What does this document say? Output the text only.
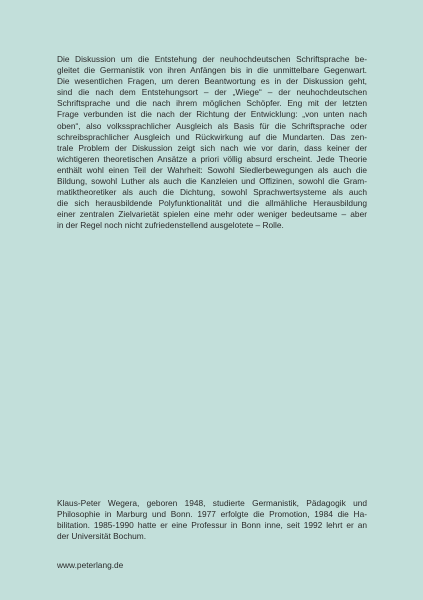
Die Diskussion um die Entstehung der neuhochdeutschen Schriftsprache be-
gleitet die Germanistik von ihren Anfängen bis in die unmittelbare Gegenwart.
Die wesentlichen Fragen, um deren Beantwortung es in der Diskussion geht,
sind die nach dem Entstehungsort – der „Wiege“ – der neuhochdeutschen
Schriftsprache und die nach ihrem möglichen Schöpfer. Eng mit der letzten
Frage verbunden ist die nach der Richtung der Entwicklung: „von unten nach
oben“, also volkssprachlicher Ausgleich als Basis für die Schriftsprache oder
schreibsprachlicher Ausgleich und Rückwirkung auf die Mundarten. Das zen-
trale Problem der Diskussion zeigt sich nach wie vor darin, dass keiner der
wichtigeren theoretischen Ansätze a priori völlig absurd erscheint. Jede Theorie
enthält wohl einen Teil der Wahrheit: Sowohl Siedlerbewegungen als auch die
Bildung, sowohl Luther als auch die Kanzleien und Offizinen, sowohl die Gram-
matiktheoretiker als auch die Dichtung, sowohl Sprachwertsysteme als auch
die sich herausbildende Polyfunktionalität und die allmähliche Herausbildung
einer zentralen Zielvarietät spielen eine mehr oder weniger bedeutsame – aber
in der Regel noch nicht zufriedenstellend ausgelotete – Rolle.
Klaus-Peter Wegera, geboren 1948, studierte Germanistik, Pädagogik und
Philosophie in Marburg und Bonn. 1977 erfolgte die Promotion, 1984 die Ha-
bilitation. 1985-1990 hatte er eine Professur in Bonn inne, seit 1992 lehrt er an
der Universität Bochum.
www.peterlang.de
